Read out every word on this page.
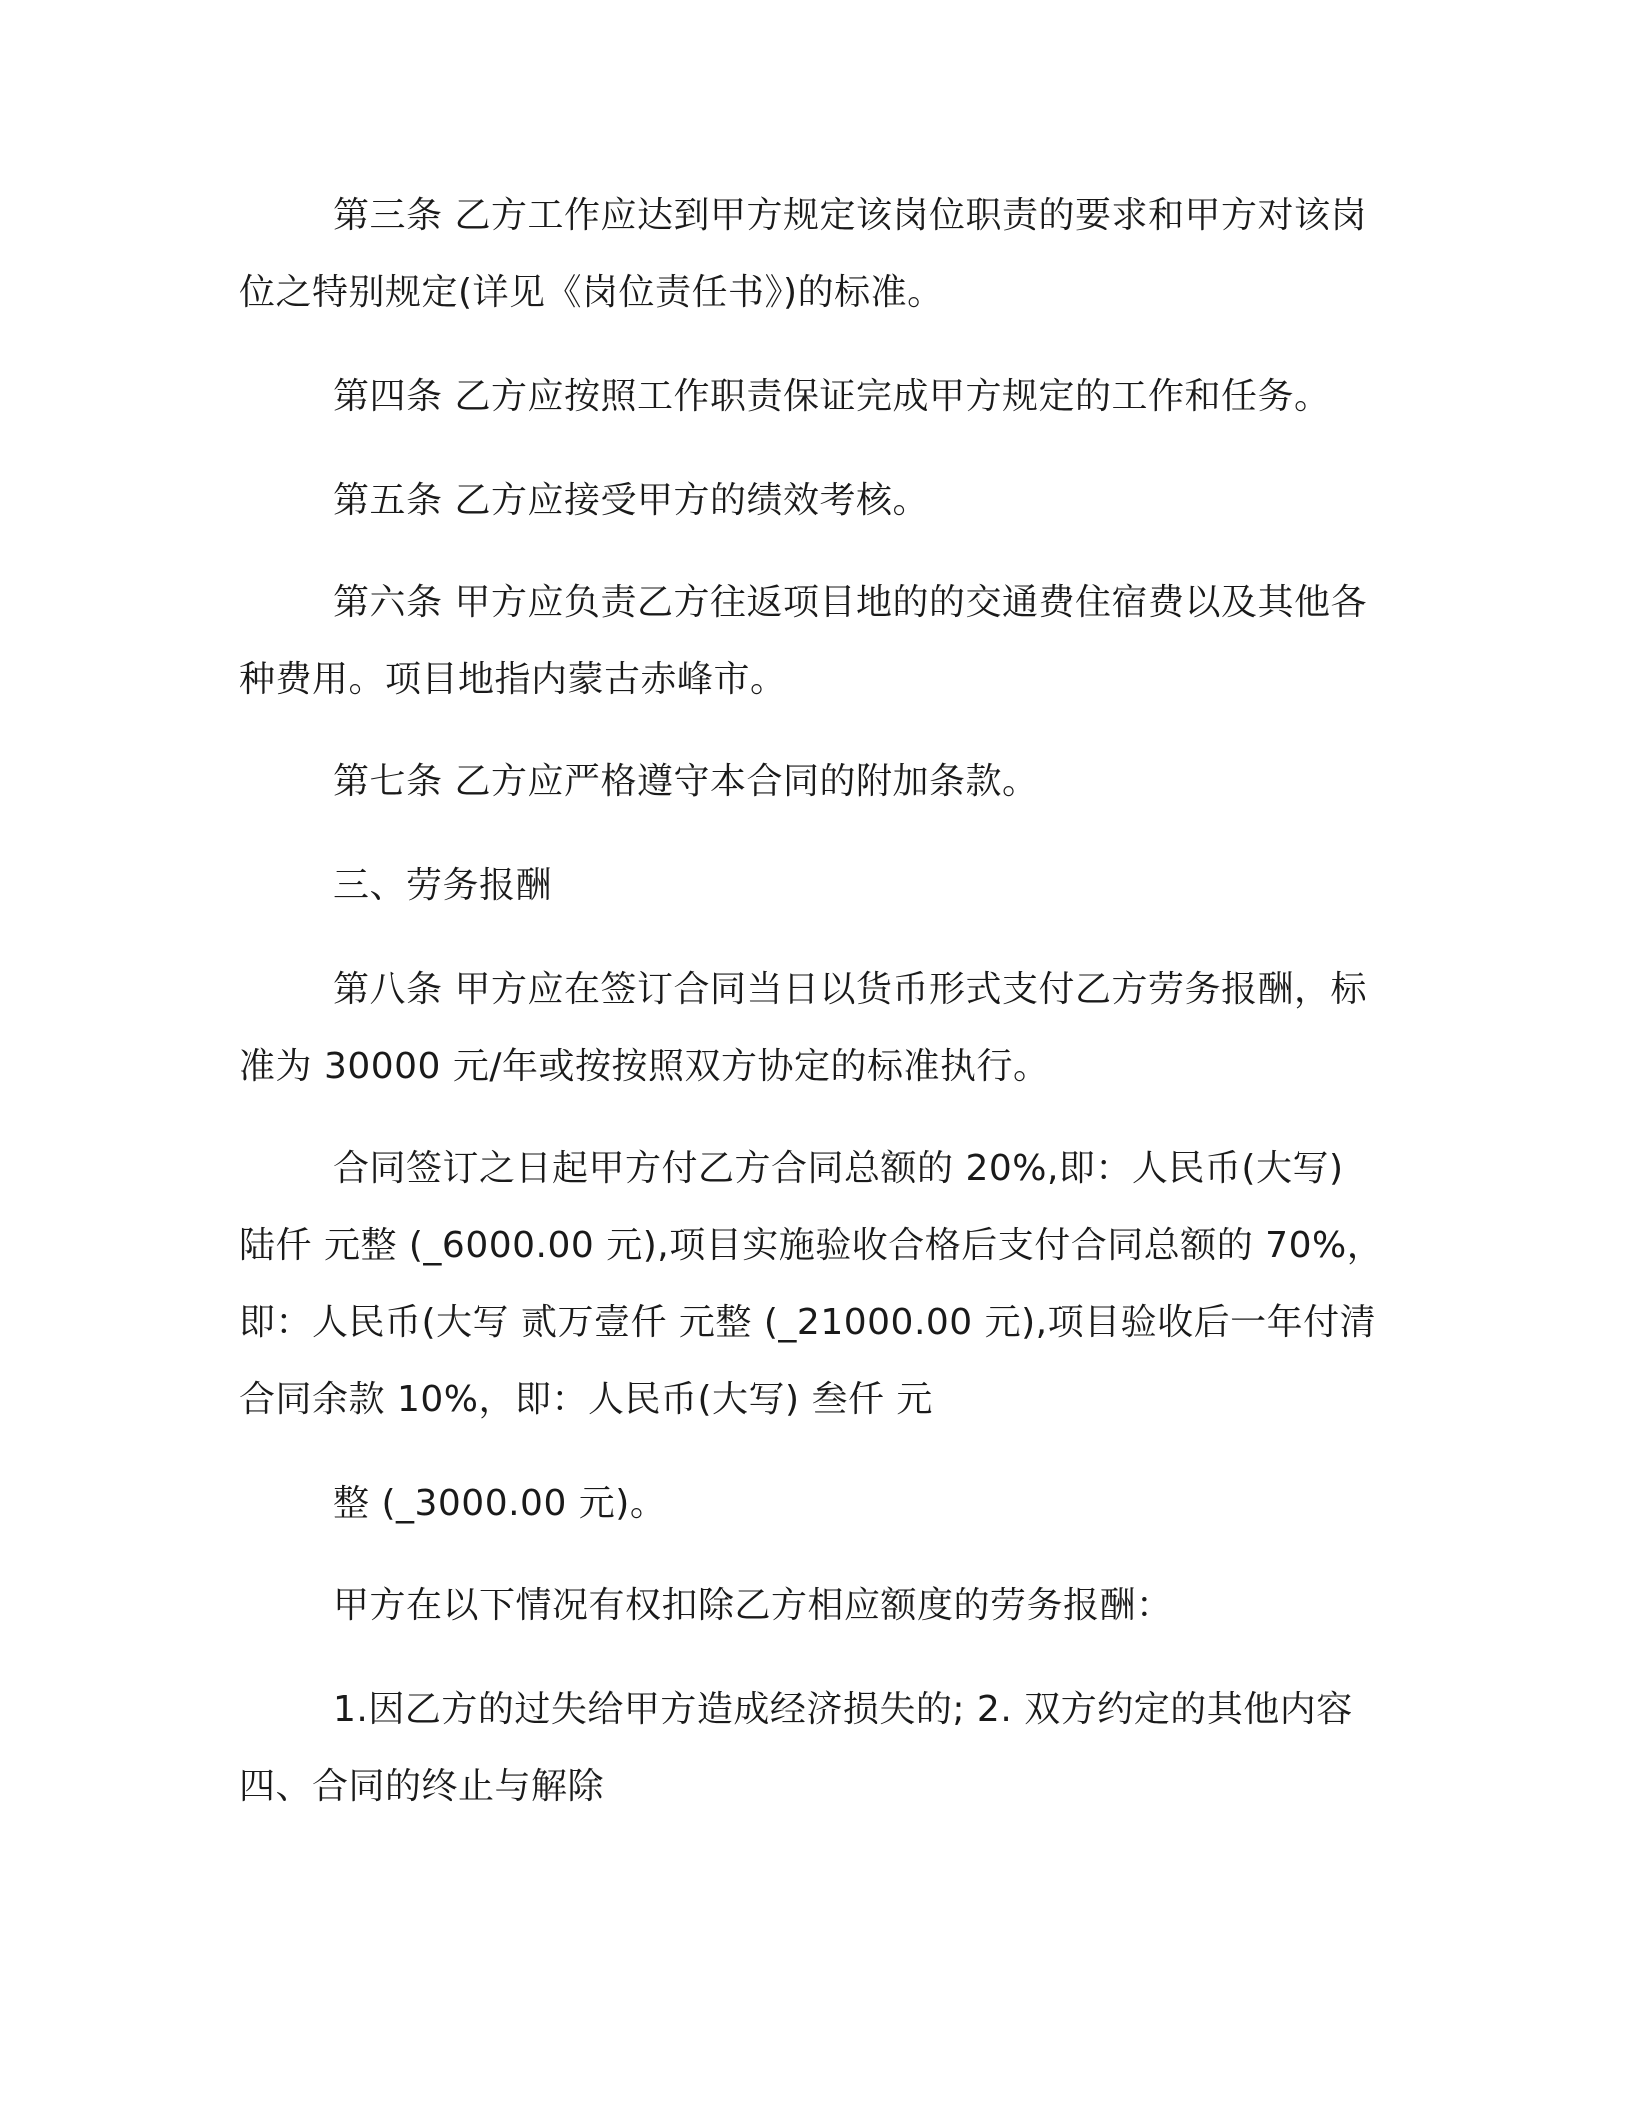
第三条 乙方工作应达到甲方规定该岗位职责的要求和甲方对该岗
位之特别规定(详见《岗位责任书》)的标准。
第四条 乙方应按照工作职责保证完成甲方规定的工作和任务。
第五条 乙方应接受甲方的绩效考核。
第六条 甲方应负责乙方往返项目地的的交通费住宿费以及其他各
种费用。项目地指内蒙古赤峰市。
第七条 乙方应严格遵守本合同的附加条款。
三、劳务报酬
第八条 甲方应在签订合同当日以货币形式支付乙方劳务报酬，标
准为 30000 元/年或按按照双方协定的标准执行。
合同签订之日起甲方付乙方合同总额的 20%,即：人民币(大写)
陆仟 元整 (_6000.00 元),项目实施验收合格后支付合同总额的 70%，
即：人民币(大写 贰万壹仟 元整 (_21000.00 元),项目验收后一年付清
合同余款 10%，即：人民币(大写) 叁仟 元
整 (_3000.00 元)。
甲方在以下情况有权扣除乙方相应额度的劳务报酬：
1.因乙方的过失给甲方造成经济损失的; 2. 双方约定的其他内容
四、合同的终止与解除
